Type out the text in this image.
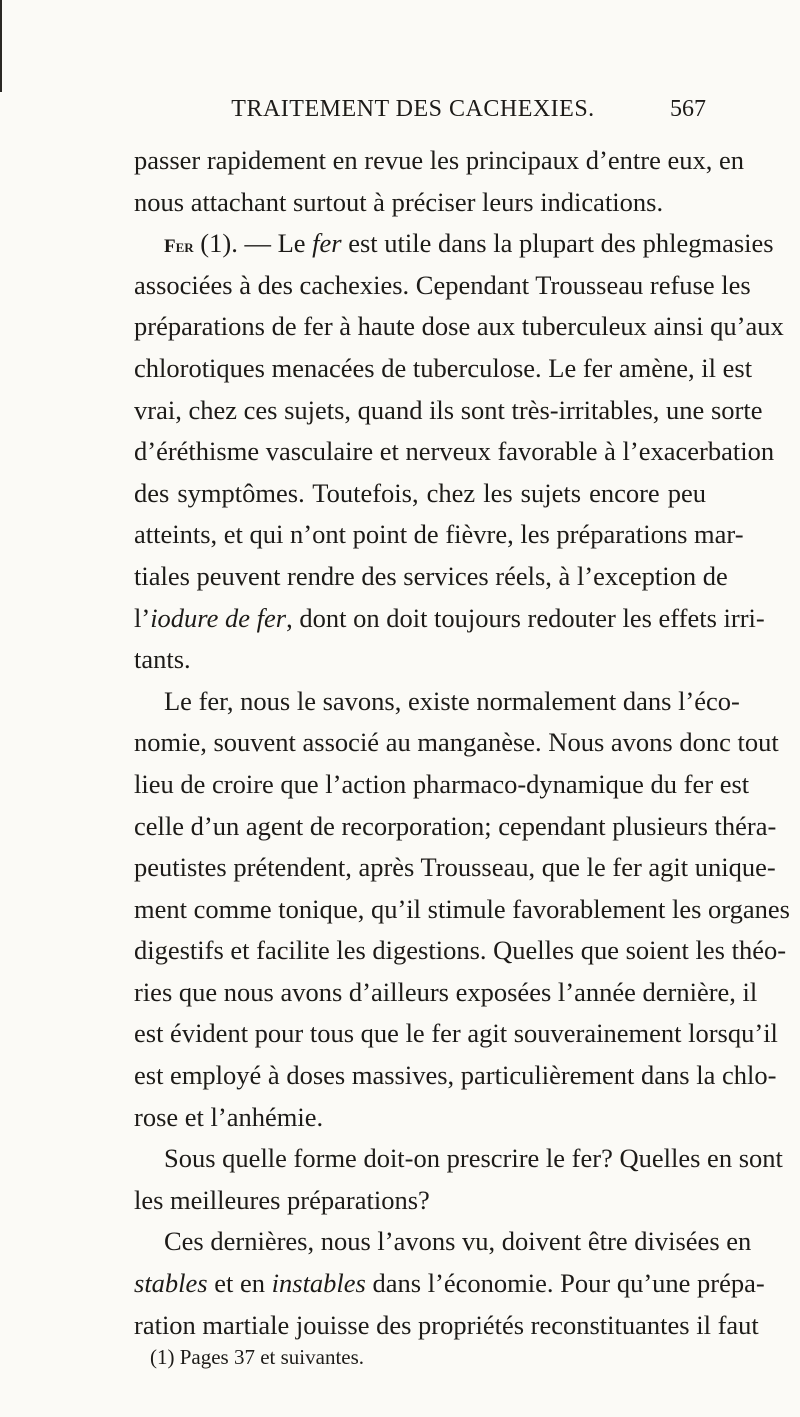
TRAITEMENT DES CACHEXIES.	567
passer rapidement en revue les principaux d’entre eux, en
nous attachant surtout à préciser leurs indications.
Fer (1). — Le fer est utile dans la plupart des phlegmasies
associées à des cachexies. Cependant Trousseau refuse les
préparations de fer à haute dose aux tuberculeux ainsi qu’aux
chlorotiques menacées de tuberculose. Le fer amène, il est
vrai, chez ces sujets, quand ils sont très-irritables, une sorte
d’éréthisme vasculaire et nerveux favorable à l’exacerbation
des symptômes. Toutefois, chez les sujets encore peu
atteints, et qui n’ont point de fièvre, les préparations mar-
tiales peuvent rendre des services réels, à l’exception de
l’iodure de fer, dont on doit toujours redouter les effets irri-
tants.
Le fer, nous le savons, existe normalement dans l’éco-
nomie, souvent associé au manganèse. Nous avons donc tout
lieu de croire que l’action pharmaco-dynamique du fer est
celle d’un agent de recorporation; cependant plusieurs théra-
peutistes prétendent, après Trousseau, que le fer agit unique-
ment comme tonique, qu’il stimule favorablement les organes
digestifs et facilite les digestions. Quelles que soient les théo-
ries que nous avons d’ailleurs exposées l’année dernière, il
est évident pour tous que le fer agit souverainement lorsqu’il
est employé à doses massives, particulièrement dans la chlo-
rose et l’anhémie.
Sous quelle forme doit-on prescrire le fer? Quelles en sont
les meilleures préparations?
Ces dernières, nous l’avons vu, doivent être divisées en
stables et en instables dans l’économie. Pour qu’une prépa-
ration martiale jouisse des propriétés reconstituantes il faut
(1) Pages 37 et suivantes.
